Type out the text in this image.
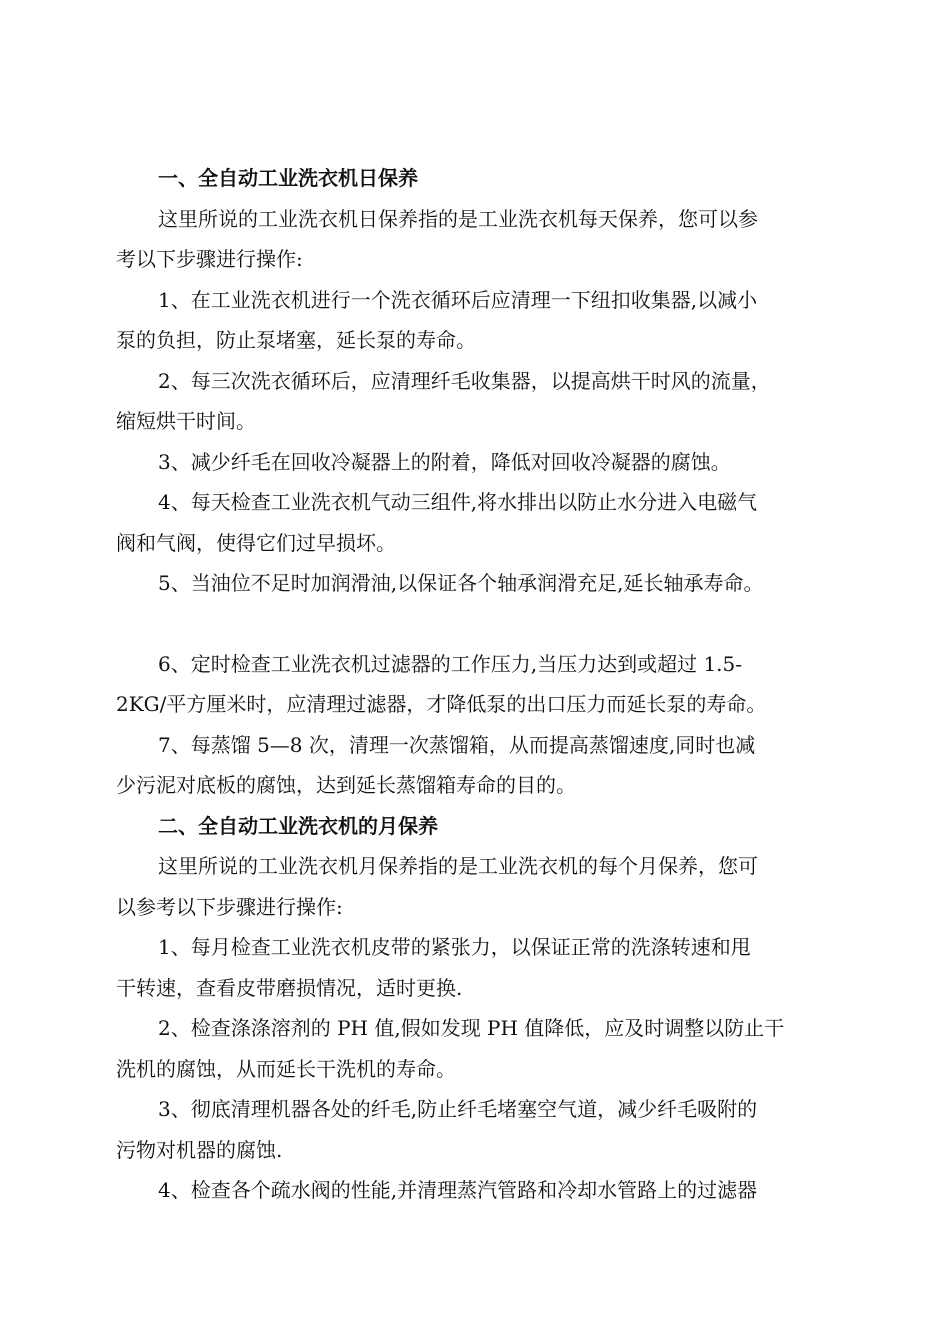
一、全自动工业洗衣机日保养
这里所说的工业洗衣机日保养指的是工业洗衣机每天保养，您可以参
考以下步骤进行操作:
1、在工业洗衣机进行一个洗衣循环后应清理一下纽扣收集器,以减小
泵的负担，防止泵堵塞，延长泵的寿命。
2、每三次洗衣循环后，应清理纤毛收集器，以提高烘干时风的流量，
缩短烘干时间。
3、减少纤毛在回收冷凝器上的附着，降低对回收冷凝器的腐蚀。
4、每天检查工业洗衣机气动三组件,将水排出以防止水分进入电磁气
阀和气阀，使得它们过早损坏。
5、当油位不足时加润滑油,以保证各个轴承润滑充足,延长轴承寿命。
6、定时检查工业洗衣机过滤器的工作压力,当压力达到或超过 1.5-
2KG/平方厘米时，应清理过滤器，才降低泵的出口压力而延长泵的寿命。
7、每蒸馏 5—8 次，清理一次蒸馏箱，从而提高蒸馏速度,同时也减
少污泥对底板的腐蚀，达到延长蒸馏箱寿命的目的。
二、全自动工业洗衣机的月保养
这里所说的工业洗衣机月保养指的是工业洗衣机的每个月保养，您可
以参考以下步骤进行操作:
1、每月检查工业洗衣机皮带的紧张力，以保证正常的洗涤转速和甩
干转速，查看皮带磨损情况，适时更换.
2、检查涤涤溶剂的 PH 值,假如发现 PH 值降低，应及时调整以防止干
洗机的腐蚀，从而延长干洗机的寿命。
3、彻底清理机器各处的纤毛,防止纤毛堵塞空气道，减少纤毛吸附的
污物对机器的腐蚀.
4、检查各个疏水阀的性能,并清理蒸汽管路和冷却水管路上的过滤器
